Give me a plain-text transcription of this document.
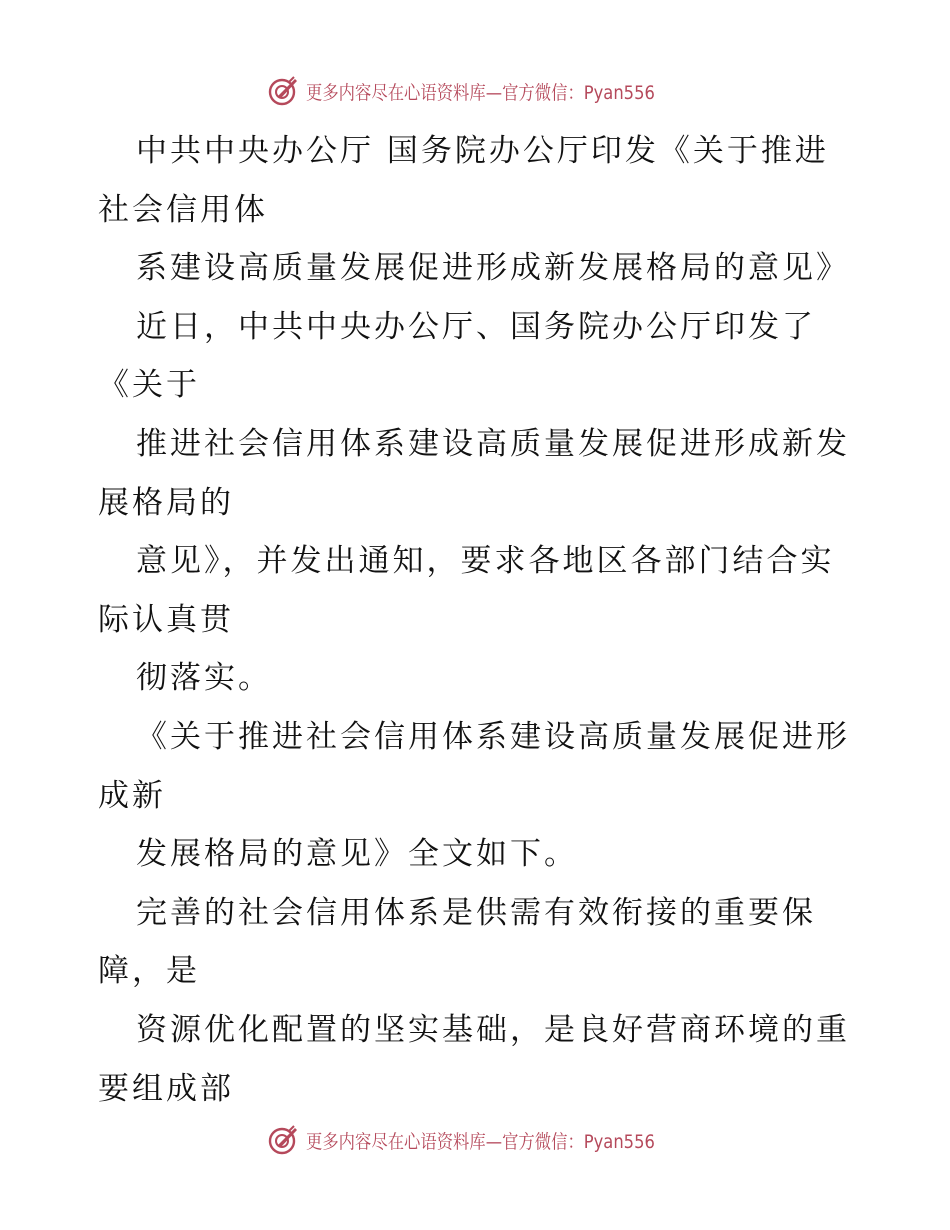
更多内容尽在心语资料库—官方微信：Pyan556
中共中央办公厅 国务院办公厅印发《关于推进
社会信用体
系建设高质量发展促进形成新发展格局的意见》
近日，中共中央办公厅、国务院办公厅印发了
《关于
推进社会信用体系建设高质量发展促进形成新发
展格局的
意见》，并发出通知，要求各地区各部门结合实
际认真贯
彻落实。
《关于推进社会信用体系建设高质量发展促进形
成新
发展格局的意见》全文如下。
完善的社会信用体系是供需有效衔接的重要保
障，是
资源优化配置的坚实基础，是良好营商环境的重
要组成部
更多内容尽在心语资料库—官方微信：Pyan556
